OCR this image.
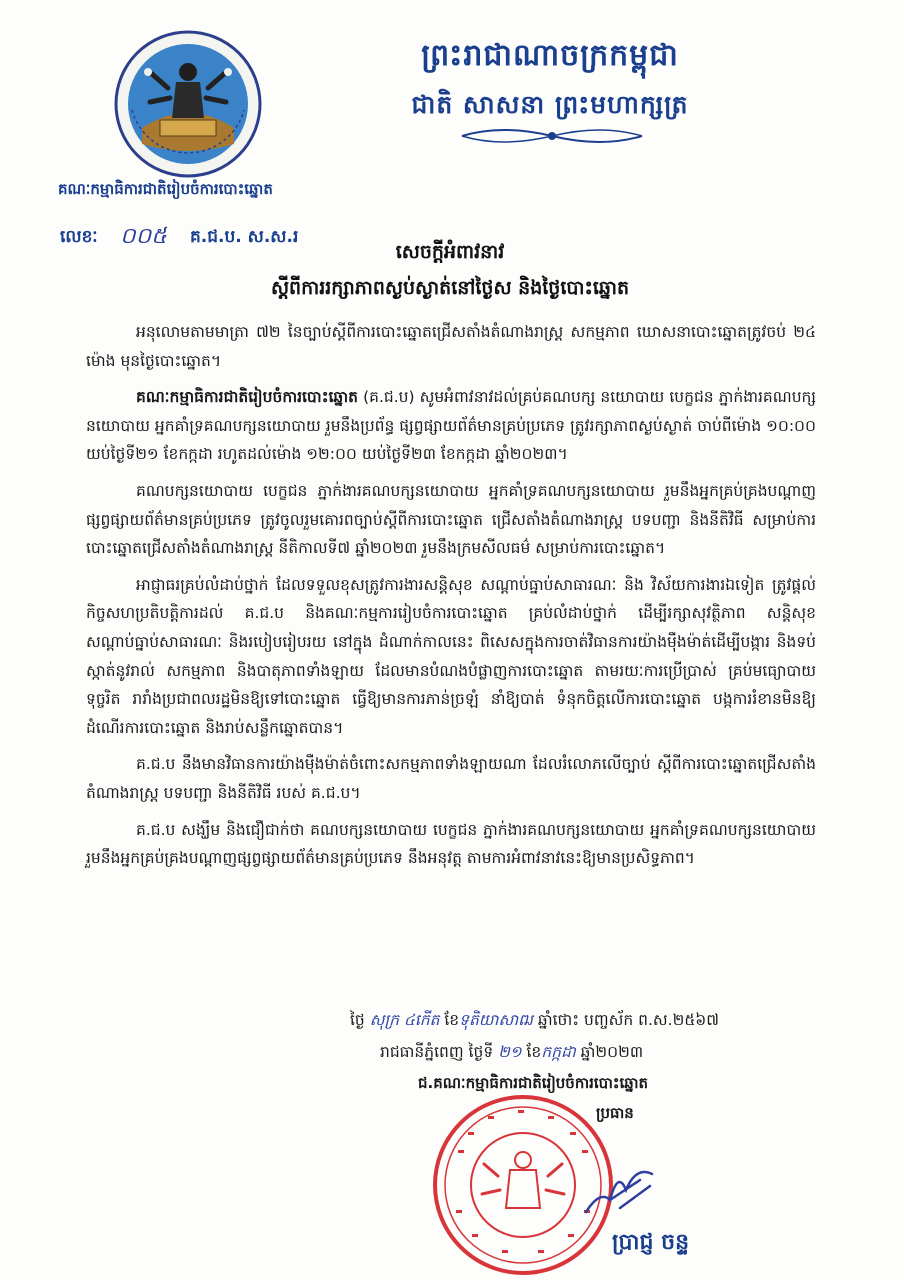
ព្រះរាជាណាចក្រកម្ពុជា
ជាតិ សាសនា ព្រះមហាក្សត្រ
គណៈកម្មាធិការជាតិរៀបចំការបោះឆ្នោត
លេខៈ ០០៥ គ.ជ.ប. ស.ស.រ
សេចក្តីអំពាវនាវ
ស្តីពីការរក្សាភាពស្ងប់ស្ងាត់នៅថ្ងៃស និងថ្ងៃបោះឆ្នោត

អនុលោមតាមមាត្រា ៧២ នៃច្បាប់ស្តីពីការបោះឆ្នោតជ្រើសតាំងតំណាងរាស្ត្រ សកម្មភាព ឃោសនាបោះឆ្នោតត្រូវចប់ ២៤ ម៉ោង មុនថ្ងៃបោះឆ្នោត។

គណៈកម្មាធិការជាតិរៀបចំការបោះឆ្នោត (គ.ជ.ប) សូមអំពាវនាវដល់គ្រប់គណបក្ស នយោបាយ បេក្ខជន ភ្នាក់ងារគណបក្សនយោបាយ អ្នកគាំទ្រគណបក្សនយោបាយ រួមនឹងប្រព័ន្ធ ផ្សព្វផ្សាយព័ត៌មានគ្រប់ប្រភេទ ត្រូវរក្សាភាពស្ងប់ស្ងាត់ ចាប់ពីម៉ោង ១០:០០ យប់ថ្ងៃទី២១ ខែកក្កដា រហូតដល់ម៉ោង ១២:០០ យប់ថ្ងៃទី២៣ ខែកក្កដា ឆ្នាំ២០២៣។

គណបក្សនយោបាយ បេក្ខជន ភ្នាក់ងារគណបក្សនយោបាយ អ្នកគាំទ្រគណបក្សនយោបាយ រួមនឹងអ្នកគ្រប់គ្រងបណ្តាញផ្សព្វផ្សាយព័ត៌មានគ្រប់ប្រភេទ ត្រូវចូលរួមគោរពច្បាប់ស្តីពីការបោះឆ្នោត ជ្រើសតាំងតំណាងរាស្ត្រ បទបញ្ជា និងនីតិវិធី សម្រាប់ការបោះឆ្នោតជ្រើសតាំងតំណាងរាស្ត្រ នីតិកាលទី៧ ឆ្នាំ២០២៣ រួមនឹងក្រមសីលធម៌ សម្រាប់ការបោះឆ្នោត។

អាជ្ញាធរគ្រប់លំដាប់ថ្នាក់ ដែលទទួលខុសត្រូវការងារសន្តិសុខ សណ្តាប់ធ្នាប់សាធារណៈ និង វិស័យការងារឯទៀត ត្រូវផ្តល់កិច្ចសហប្រតិបត្តិការដល់ គ.ជ.ប និងគណៈកម្មការរៀបចំការបោះឆ្នោត គ្រប់លំដាប់ថ្នាក់ ដើម្បីរក្សាសុវត្ថិភាព សន្តិសុខ សណ្តាប់ធ្នាប់សាធារណៈ និងរបៀបរៀបរយ នៅក្នុង ដំណាក់កាលនេះ ពិសេសក្នុងការចាត់វិធានការយ៉ាងម៉ឺងម៉ាត់ដើម្បីបង្ការ និងទប់ស្កាត់នូវរាល់ សកម្មភាព និងបាតុភាពទាំងឡាយ ដែលមានបំណងបំផ្លាញការបោះឆ្នោត តាមរយៈការប្រើប្រាស់ គ្រប់មធ្យោបាយទុច្ចរិត រារាំងប្រជាពលរដ្ឋមិនឱ្យទៅបោះឆ្នោត ធ្វើឱ្យមានការភាន់ច្រឡំ នាំឱ្យបាត់ ទំនុកចិត្តលើការបោះឆ្នោត បង្កការរំខានមិនឱ្យដំណើរការបោះឆ្នោត និងរាប់សន្លឹកឆ្នោតបាន។

គ.ជ.ប នឹងមានវិធានការយ៉ាងម៉ឺងម៉ាត់ចំពោះសកម្មភាពទាំងឡាយណា ដែលរំលោភលើច្បាប់ ស្តីពីការបោះឆ្នោតជ្រើសតាំងតំណាងរាស្ត្រ បទបញ្ជា និងនីតិវិធី របស់ គ.ជ.ប។

គ.ជ.ប សង្ឃឹម និងជឿជាក់ថា គណបក្សនយោបាយ បេក្ខជន ភ្នាក់ងារគណបក្សនយោបាយ អ្នកគាំទ្រគណបក្សនយោបាយ រួមនឹងអ្នកគ្រប់គ្រងបណ្តាញផ្សព្វផ្សាយព័ត៌មានគ្រប់ប្រភេទ នឹងអនុវត្ត តាមការអំពាវនាវនេះឱ្យមានប្រសិទ្ធភាព។

ថ្ងៃ សុក្រ ៤កើត ខែទុតិយាសាឍ ឆ្នាំថោះ បញ្ចស័ក ព.ស.២៥៦៧
រាជធានីភ្នំពេញ ថ្ងៃទី ២១ ខែកក្កដា ឆ្នាំ២០២៣
ជ.គណៈកម្មាធិការជាតិរៀបចំការបោះឆ្នោត
ប្រធាន
ប្រាជ្ញ ចន្ទ
